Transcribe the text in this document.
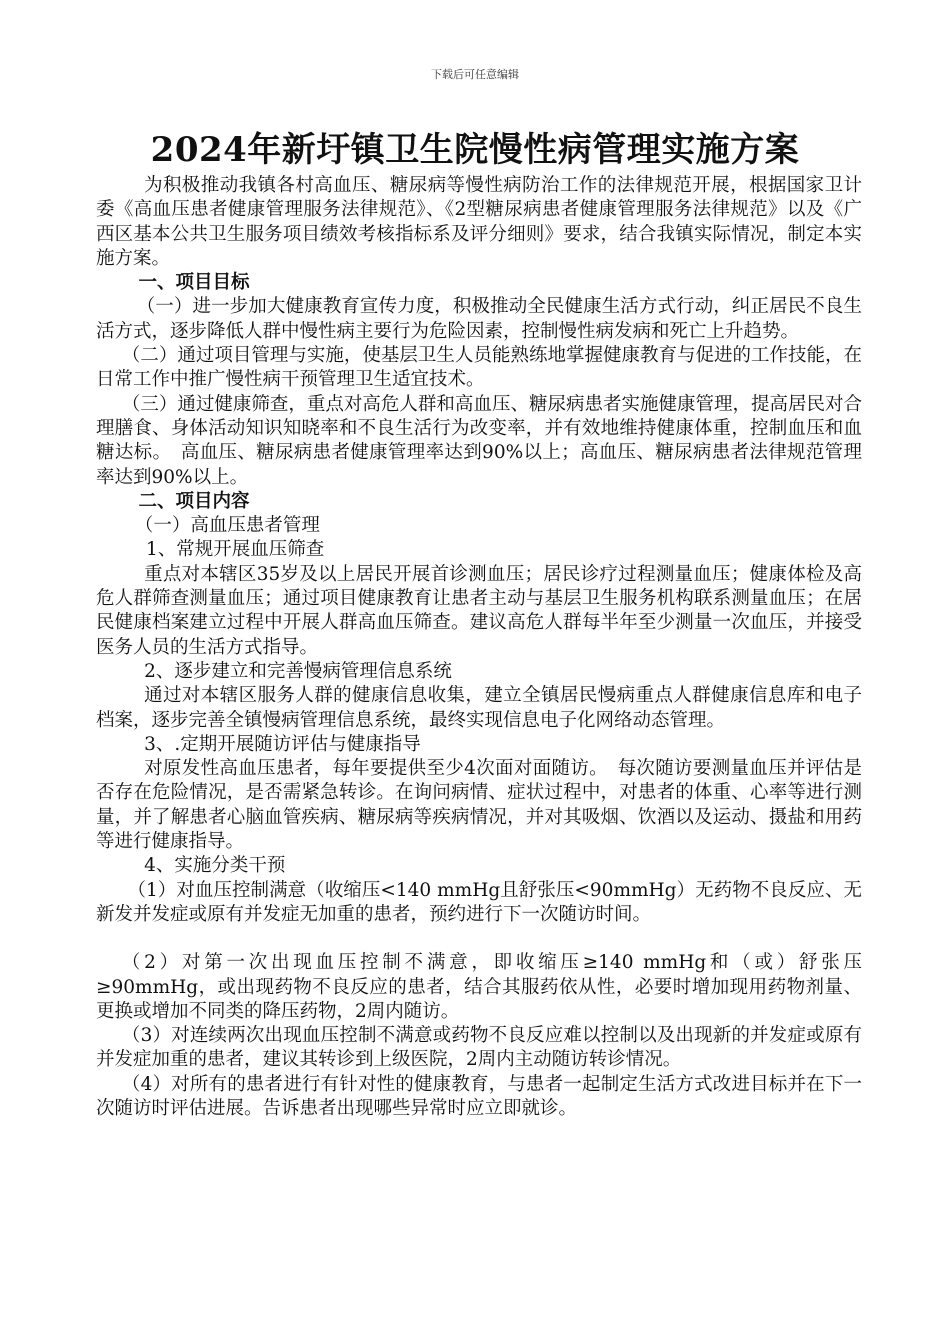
下载后可任意编辑
2024年新圩镇卫生院慢性病管理实施方案

为积极推动我镇各村高血压、糖尿病等慢性病防治工作的法律规范开展，根据国家卫计委《高血压患者健康管理服务法律规范》、《2型糖尿病患者健康管理服务法律规范》以及《广西区基本公共卫生服务项目绩效考核指标系及评分细则》要求，结合我镇实际情况，制定本实施方案。

一、项目目标

（一）进一步加大健康教育宣传力度，积极推动全民健康生活方式行动，纠正居民不良生活方式，逐步降低人群中慢性病主要行为危险因素，控制慢性病发病和死亡上升趋势。

（二）通过项目管理与实施，使基层卫生人员能熟练地掌握健康教育与促进的工作技能，在日常工作中推广慢性病干预管理卫生适宜技术。

（三）通过健康筛查，重点对高危人群和高血压、糖尿病患者实施健康管理，提高居民对合理膳食、身体活动知识知晓率和不良生活行为改变率，并有效地维持健康体重，控制血压和血糖达标。　高血压、糖尿病患者健康管理率达到90%以上；高血压、糖尿病患者法律规范管理率达到90%以上。

二、项目内容

（一）高血压患者管理

1、常规开展血压筛查

重点对本辖区35岁及以上居民开展首诊测血压；居民诊疗过程测量血压；健康体检及高危人群筛查测量血压；通过项目健康教育让患者主动与基层卫生服务机构联系测量血压；在居民健康档案建立过程中开展人群高血压筛查。建议高危人群每半年至少测量一次血压，并接受医务人员的生活方式指导。

2、逐步建立和完善慢病管理信息系统

通过对本辖区服务人群的健康信息收集，建立全镇居民慢病重点人群健康信息库和电子档案，逐步完善全镇慢病管理信息系统，最终实现信息电子化网络动态管理。

3、.定期开展随访评估与健康指导

对原发性高血压患者，每年要提供至少4次面对面随访。　每次随访要测量血压并评估是否存在危险情况，是否需紧急转诊。在询问病情、症状过程中，对患者的体重、心率等进行测量，并了解患者心脑血管疾病、糖尿病等疾病情况，并对其吸烟、饮酒以及运动、摄盐和用药等进行健康指导。

4、实施分类干预

（1）对血压控制满意（收缩压<140 mmHg且舒张压<90mmHg）无药物不良反应、无新发并发症或原有并发症无加重的患者，预约进行下一次随访时间。

（2）对第一次出现血压控制不满意，即收缩压≥140 mmHg和（或）舒张压≥90mmHg，或出现药物不良反应的患者，结合其服药依从性，必要时增加现用药物剂量、更换或增加不同类的降压药物，2周内随访。

（3）对连续两次出现血压控制不满意或药物不良反应难以控制以及出现新的并发症或原有并发症加重的患者，建议其转诊到上级医院，2周内主动随访转诊情况。

（4）对所有的患者进行有针对性的健康教育，与患者一起制定生活方式改进目标并在下一次随访时评估进展。告诉患者出现哪些异常时应立即就诊。
